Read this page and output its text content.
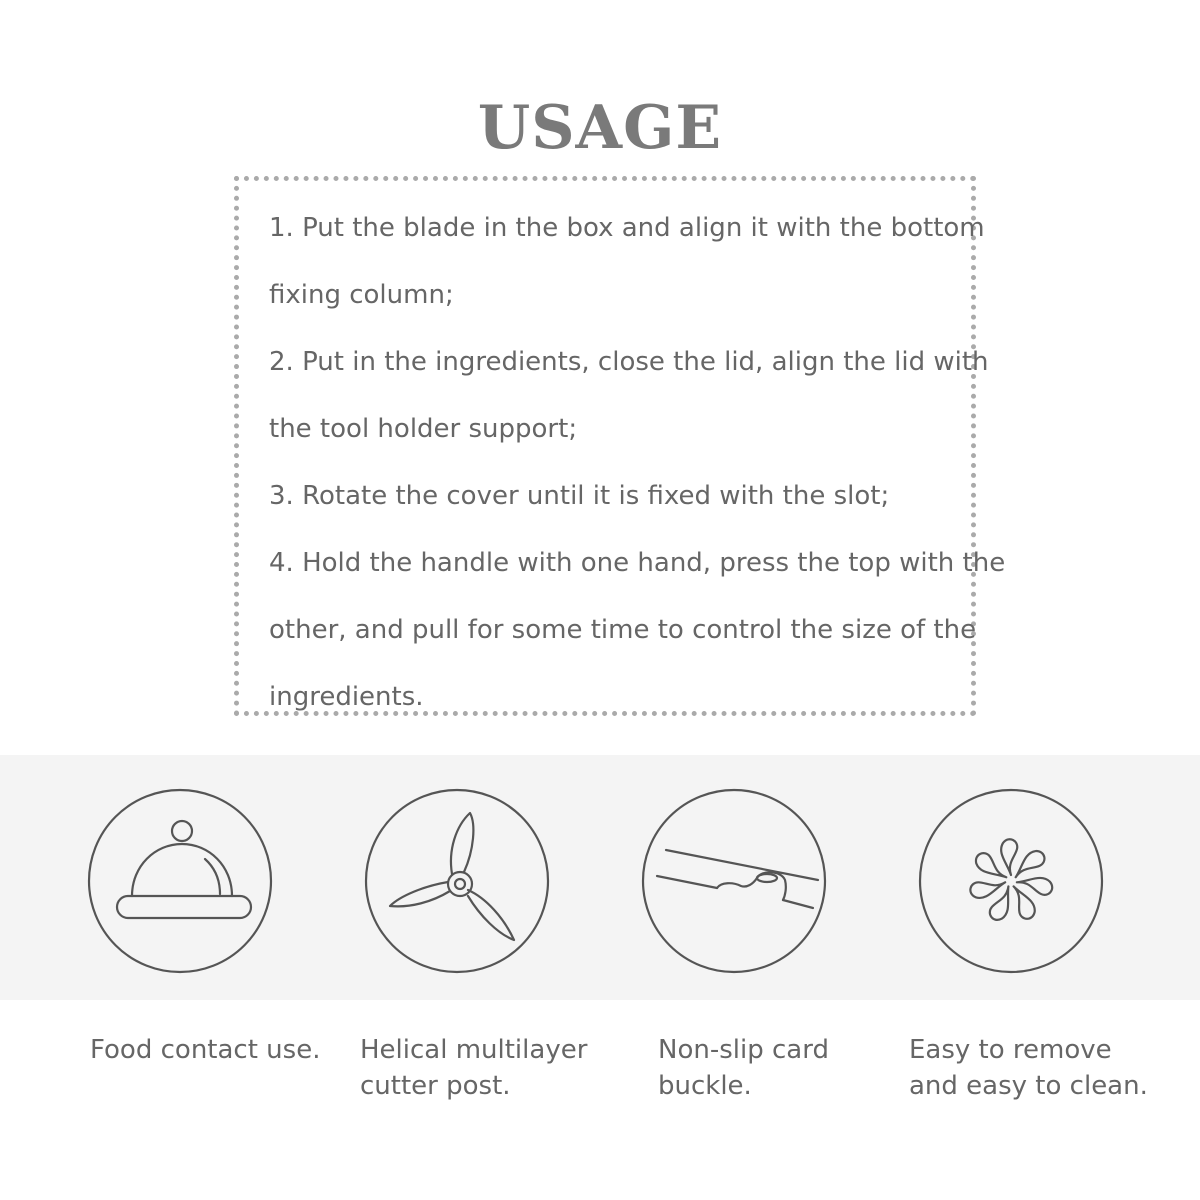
USAGE
1. Put the blade in the box and align it with the bottom
fixing column;
2. Put in the ingredients, close the lid, align the lid with
the tool holder support;
3. Rotate the cover until it is fixed with the slot;
4. Hold the handle with one hand, press the top with the
other, and pull for some time to control the size of the
ingredients.
Food contact use. Helical multilayer
cutter post.
Non-slip card
buckle.
Easy to remove
and easy to clean.
